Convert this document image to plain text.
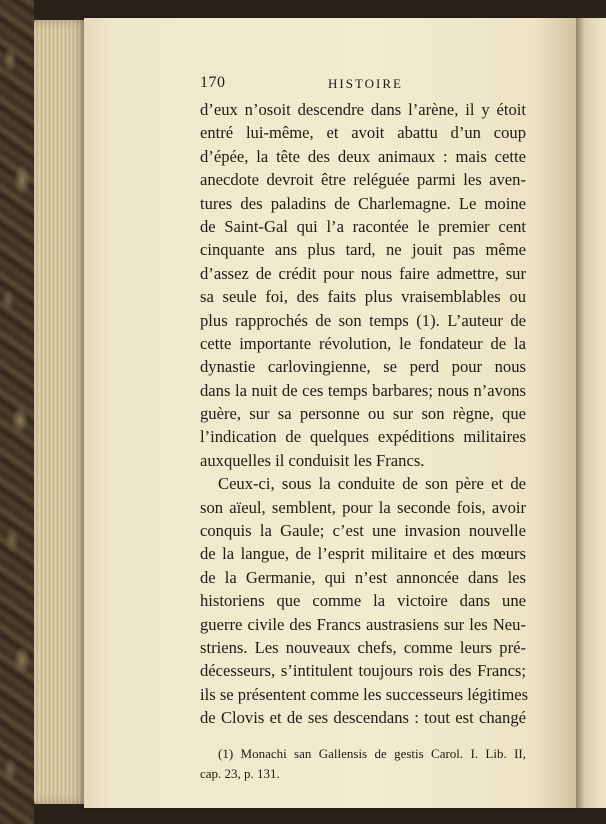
170	HISTOIRE
d’eux n’osoit descendre dans l’arène, il y étoit
entré lui-même, et avoit abattu d’un coup
d’épée, la tête des deux animaux : mais cette
anecdote devroit être reléguée parmi les aven-
tures des paladins de Charlemagne. Le moine
de Saint-Gal qui l’a racontée le premier cent
cinquante ans plus tard, ne jouit pas même
d’assez de crédit pour nous faire admettre, sur
sa seule foi, des faits plus vraisemblables ou
plus rapprochés de son temps (1). L’auteur de
cette importante révolution, le fondateur de la
dynastie carlovingienne, se perd pour nous
dans la nuit de ces temps barbares; nous n’avons
guère, sur sa personne ou sur son règne, que
l’indication de quelques expéditions militaires
auxquelles il conduisit les Francs.
Ceux-ci, sous la conduite de son père et de
son aïeul, semblent, pour la seconde fois, avoir
conquis la Gaule; c’est une invasion nouvelle
de la langue, de l’esprit militaire et des mœurs
de la Germanie, qui n’est annoncée dans les
historiens que comme la victoire dans une
guerre civile des Francs austrasiens sur les Neu-
striens. Les nouveaux chefs, comme leurs pré-
décesseurs, s’intitulent toujours rois des Francs;
ils se présentent comme les successeurs légitimes
de Clovis et de ses descendans : tout est changé
(1) Monachi san Gallensis de gestis Carol. I. Lib. II,
cap. 23, p. 131.
